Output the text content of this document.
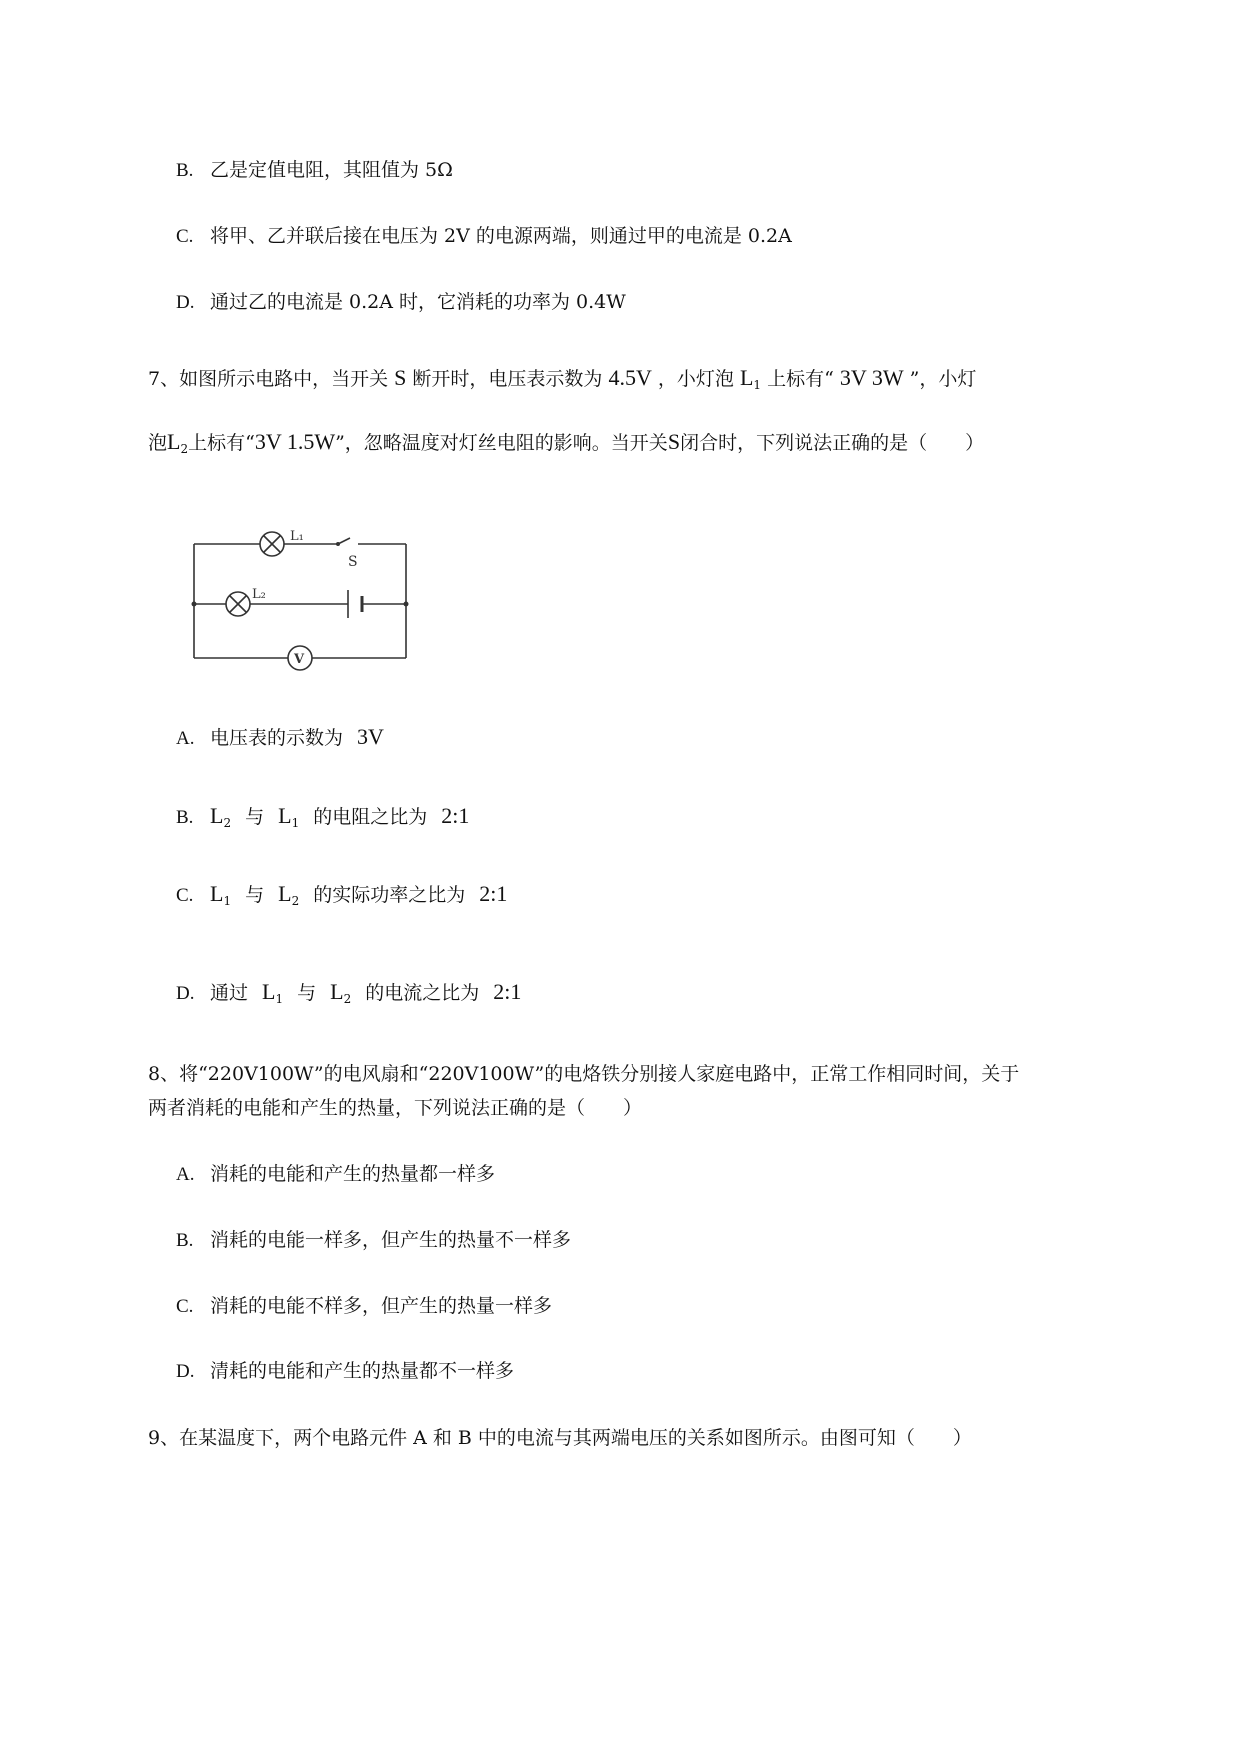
B. 乙是定值电阻，其阻值为 5Ω
C. 将甲、乙并联后接在电压为 2V 的电源两端，则通过甲的电流是 0.2A
D. 通过乙的电流是 0.2A 时，它消耗的功率为 0.4W
7、如图所示电路中，当开关 S 断开时，电压表示数为 4.5V ，小灯泡 $L_1$ 上标有“ 3V 3W ”，小灯
泡$L_2$上标有“3V 1.5W”，忽略温度对灯丝电阻的影响。当开关S闭合时，下列说法正确的是（　　）
L₁
L₂
S
V
A. 电压表的示数为 3V
B. $L_2$ 与 $L_1$ 的电阻之比为 2:1
C. $L_1$ 与 $L_2$ 的实际功率之比为 2:1
D. 通过 $L_1$ 与 $L_2$ 的电流之比为 2:1
8、将“220V100W”的电风扇和“220V100W”的电烙铁分别接人家庭电路中，正常工作相同时间，关于
两者消耗的电能和产生的热量，下列说法正确的是（　　）
A. 消耗的电能和产生的热量都一样多
B. 消耗的电能一样多，但产生的热量不一样多
C. 消耗的电能不样多，但产生的热量一样多
D. 清耗的电能和产生的热量都不一样多
9、在某温度下，两个电路元件 A 和 B 中的电流与其两端电压的关系如图所示。由图可知（　　）
